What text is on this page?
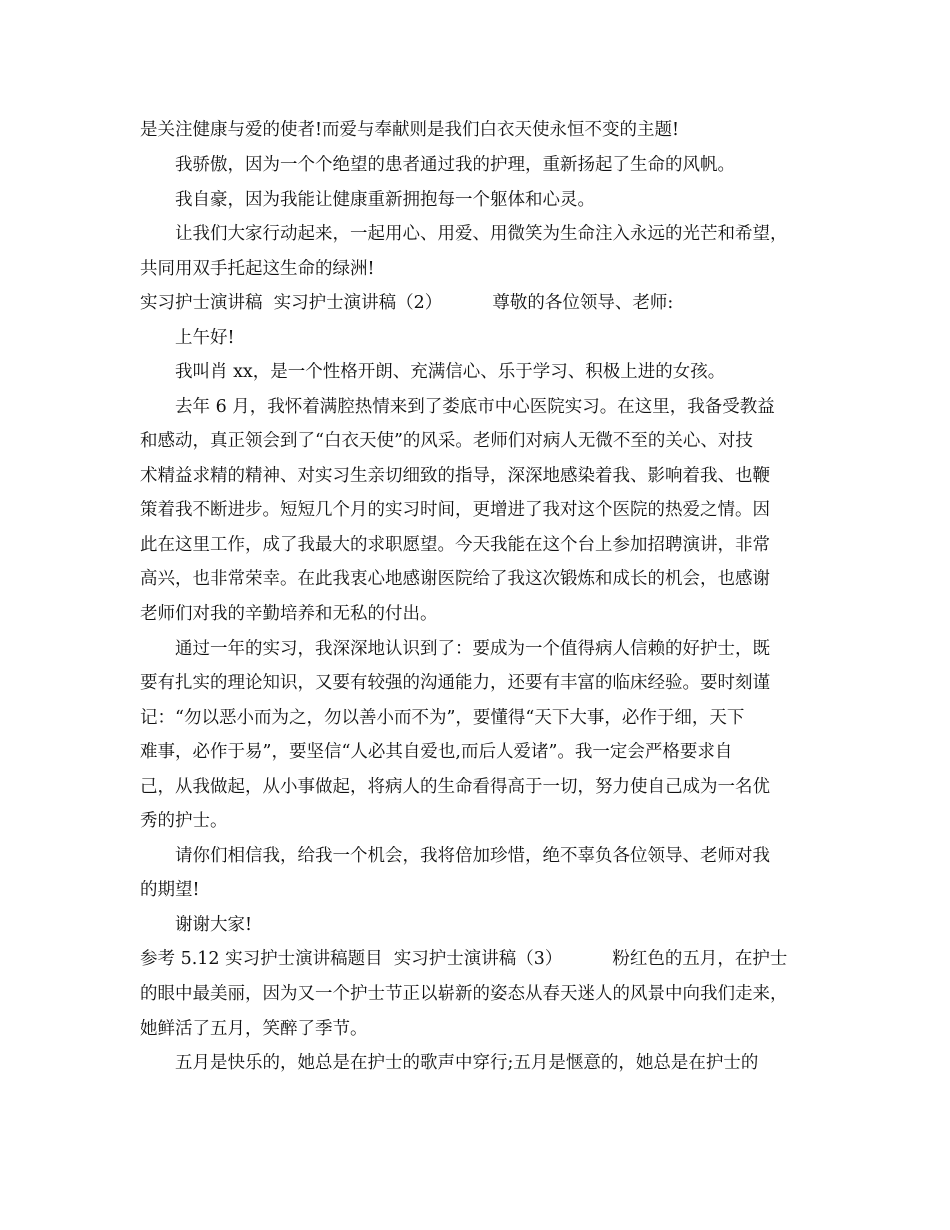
是关注健康与爱的使者!而爱与奉献则是我们白衣天使永恒不变的主题!
我骄傲，因为一个个绝望的患者通过我的护理，重新扬起了生命的风帆。
我自豪，因为我能让健康重新拥抱每一个躯体和心灵。
让我们大家行动起来，一起用心、用爱、用微笑为生命注入永远的光芒和希望，
共同用双手托起这生命的绿洲!
实习护士演讲稿  实习护士演讲稿（2）         尊敬的各位领导、老师:
上午好!
我叫肖 xx，是一个性格开朗、充满信心、乐于学习、积极上进的女孩。
去年 6 月，我怀着满腔热情来到了娄底市中心医院实习。在这里，我备受教益
和感动，真正领会到了“白衣天使”的风采。老师们对病人无微不至的关心、对技
术精益求精的精神、对实习生亲切细致的指导，深深地感染着我、影响着我、也鞭
策着我不断进步。短短几个月的实习时间，更增进了我对这个医院的热爱之情。因
此在这里工作，成了我最大的求职愿望。今天我能在这个台上参加招聘演讲，非常
高兴，也非常荣幸。在此我衷心地感谢医院给了我这次锻炼和成长的机会，也感谢
老师们对我的辛勤培养和无私的付出。
通过一年的实习，我深深地认识到了：要成为一个值得病人信赖的好护士，既
要有扎实的理论知识，又要有较强的沟通能力，还要有丰富的临床经验。要时刻谨
记：“勿以恶小而为之，勿以善小而不为”，要懂得“天下大事，必作于细，天下
难事，必作于易”，要坚信“人必其自爱也,而后人爱诸”。我一定会严格要求自
己，从我做起，从小事做起，将病人的生命看得高于一切，努力使自己成为一名优
秀的护士。
请你们相信我，给我一个机会，我将倍加珍惜，绝不辜负各位领导、老师对我
的期望!
谢谢大家!
参考 5.12 实习护士演讲稿题目  实习护士演讲稿（3）         粉红色的五月，在护士
的眼中最美丽，因为又一个护士节正以崭新的姿态从春天迷人的风景中向我们走来，
她鲜活了五月，笑醉了季节。
五月是快乐的，她总是在护士的歌声中穿行;五月是惬意的，她总是在护士的
